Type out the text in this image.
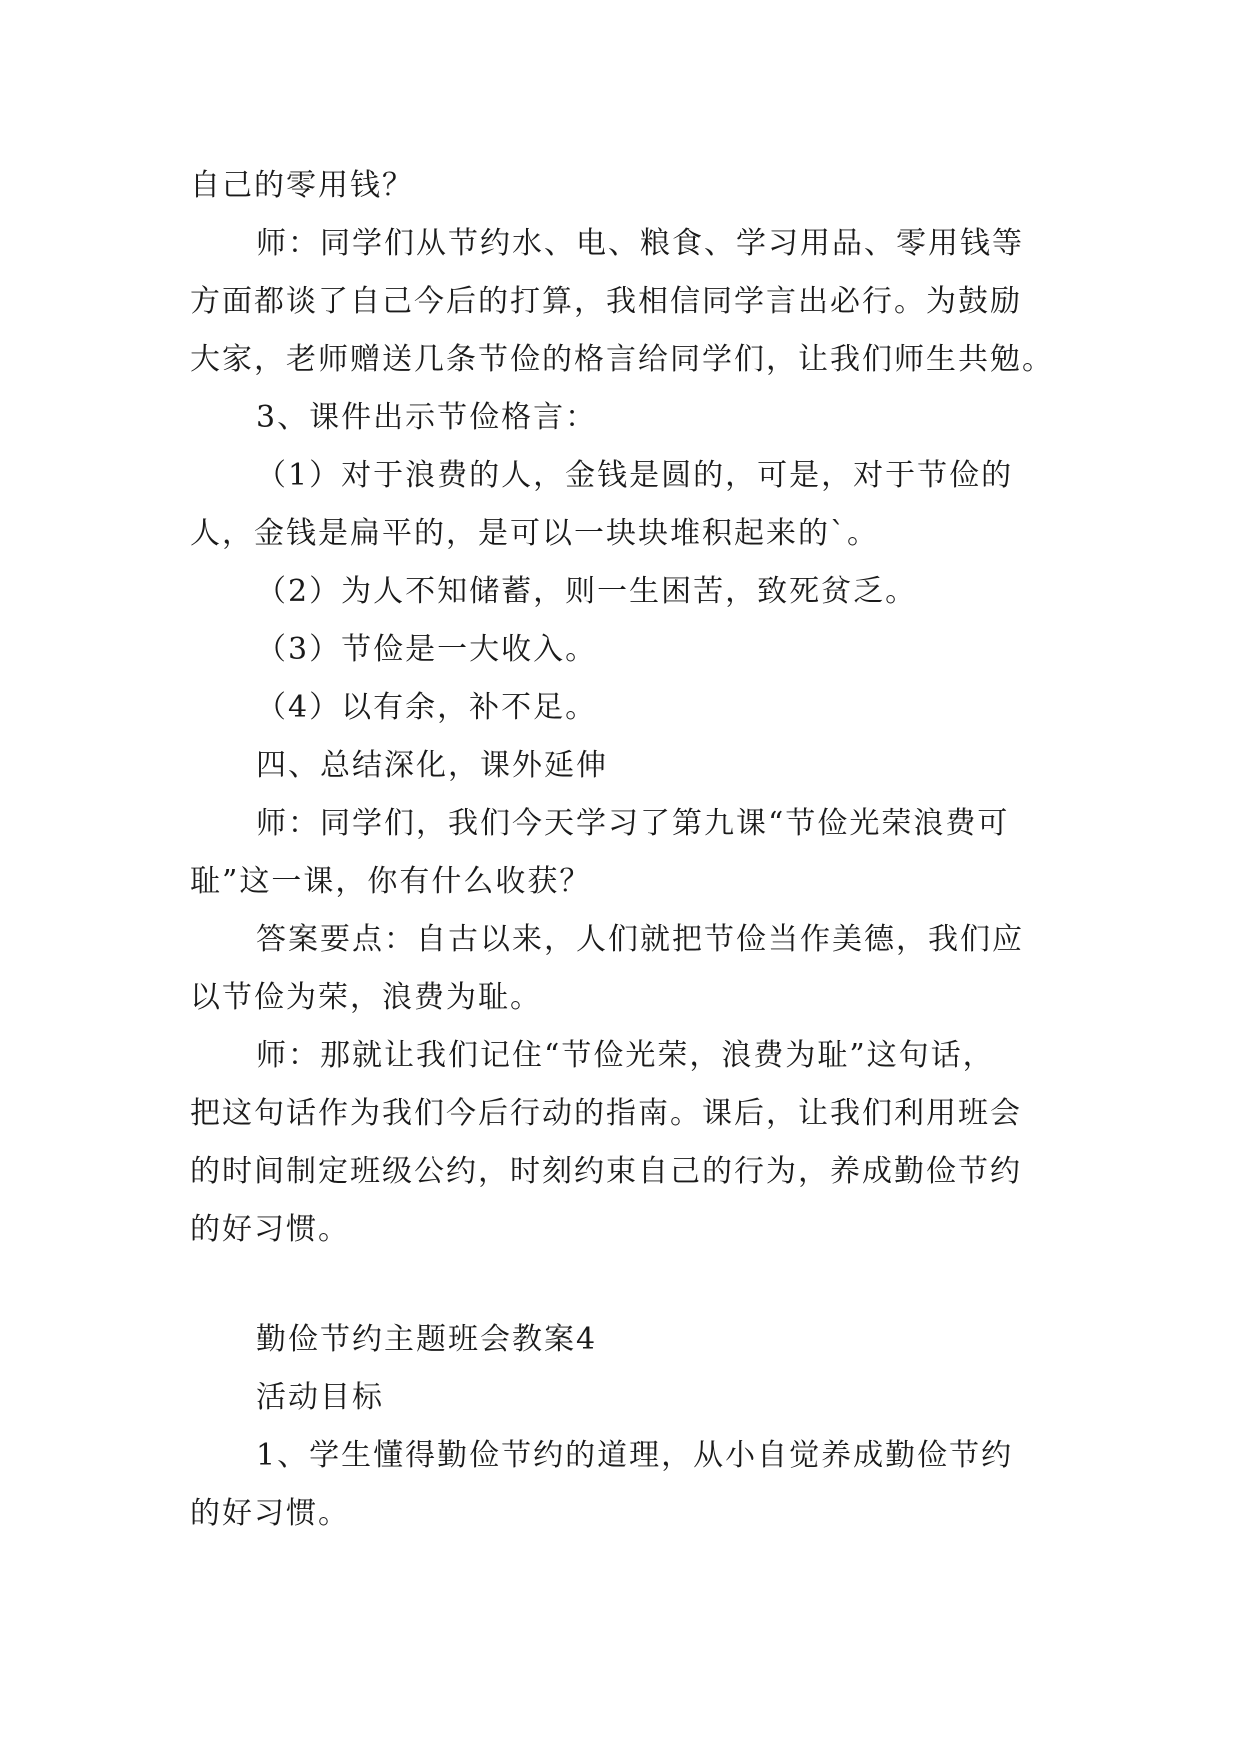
自己的零用钱？
师：同学们从节约水、电、粮食、学习用品、零用钱等
方面都谈了自己今后的打算，我相信同学言出必行。为鼓励
大家，老师赠送几条节俭的格言给同学们，让我们师生共勉。
3、课件出示节俭格言：
（1）对于浪费的人，金钱是圆的，可是，对于节俭的
人，金钱是扁平的，是可以一块块堆积起来的`。
（2）为人不知储蓄，则一生困苦，致死贫乏。
（3）节俭是一大收入。
（4）以有余，补不足。
四、总结深化，课外延伸
师：同学们，我们今天学习了第九课“节俭光荣浪费可
耻”这一课，你有什么收获？
答案要点：自古以来，人们就把节俭当作美德，我们应
以节俭为荣，浪费为耻。
师：那就让我们记住“节俭光荣，浪费为耻”这句话，
把这句话作为我们今后行动的指南。课后，让我们利用班会
的时间制定班级公约，时刻约束自己的行为，养成勤俭节约
的好习惯。
勤俭节约主题班会教案4
活动目标
1、学生懂得勤俭节约的道理，从小自觉养成勤俭节约
的好习惯。
